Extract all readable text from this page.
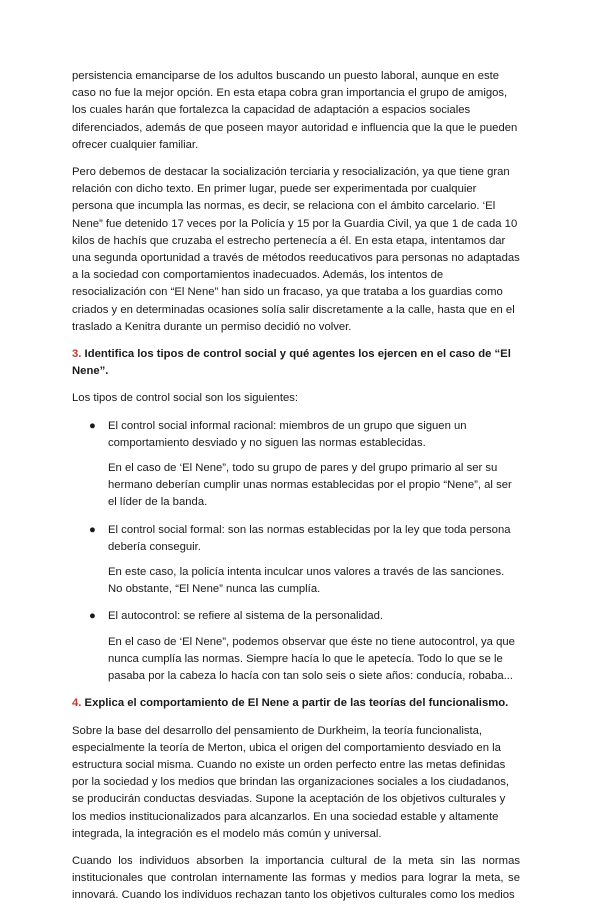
persistencia emanciparse de los adultos buscando un puesto laboral, aunque en este caso no fue la mejor opción. En esta etapa cobra gran importancia el grupo de amigos, los cuales harán que fortalezca la capacidad de adaptación a espacios sociales diferenciados, además de que poseen mayor autoridad e influencia que la que le pueden ofrecer cualquier familiar.

Pero debemos de destacar la socialización terciaria y resocialización, ya que tiene gran relación con dicho texto. En primer lugar, puede ser experimentada por cualquier persona que incumpla las normas, es decir, se relaciona con el ámbito carcelario. ‘El Nene” fue detenido 17 veces por la Policía y 15 por la Guardia Civil, ya que 1 de cada 10 kilos de hachís que cruzaba el estrecho pertenecía a él. En esta etapa, intentamos dar una segunda oportunidad a través de métodos reeducativos para personas no adaptadas a la sociedad con comportamientos inadecuados. Además, los intentos de resocialización con “El Nene” han sido un fracaso, ya que trataba a los guardias como criados y en determinadas ocasiones solía salir discretamente a la calle, hasta que en el traslado a Kenitra durante un permiso decidió no volver.

3. Identifica los tipos de control social y qué agentes los ejercen en el caso de “El Nene”.

Los tipos de control social son los siguientes:

● El control social informal racional: miembros de un grupo que siguen un comportamiento desviado y no siguen las normas establecidas.

En el caso de ‘El Nene”, todo su grupo de pares y del grupo primario al ser su hermano deberían cumplir unas normas establecidas por el propio “Nene”, al ser el líder de la banda.

● El control social formal: son las normas establecidas por la ley que toda persona debería conseguir.

En este caso, la policía intenta inculcar unos valores a través de las sanciones. No obstante, “El Nene” nunca las cumplía.

● El autocontrol: se refiere al sistema de la personalidad.

En el caso de ‘El Nene”, podemos observar que éste no tiene autocontrol, ya que nunca cumplía las normas. Siempre hacía lo que le apetecía. Todo lo que se le pasaba por la cabeza lo hacía con tan solo seis o siete años: conducía, robaba...

4. Explica el comportamiento de El Nene a partir de las teorías del funcionalismo.

Sobre la base del desarrollo del pensamiento de Durkheim, la teoría funcionalista, especialmente la teoría de Merton, ubica el origen del comportamiento desviado en la estructura social misma. Cuando no existe un orden perfecto entre las metas definidas por la sociedad y los medios que brindan las organizaciones sociales a los ciudadanos, se producirán conductas desviadas. Supone la aceptación de los objetivos culturales y los medios institucionalizados para alcanzarlos. En una sociedad estable y altamente integrada, la integración es el modelo más común y universal.

Cuando los individuos absorben la importancia cultural de la meta sin las normas institucionales que controlan internamente las formas y medios para lograr la meta, se innovará. Cuando los individuos rechazan tanto los objetivos culturales como los medios
